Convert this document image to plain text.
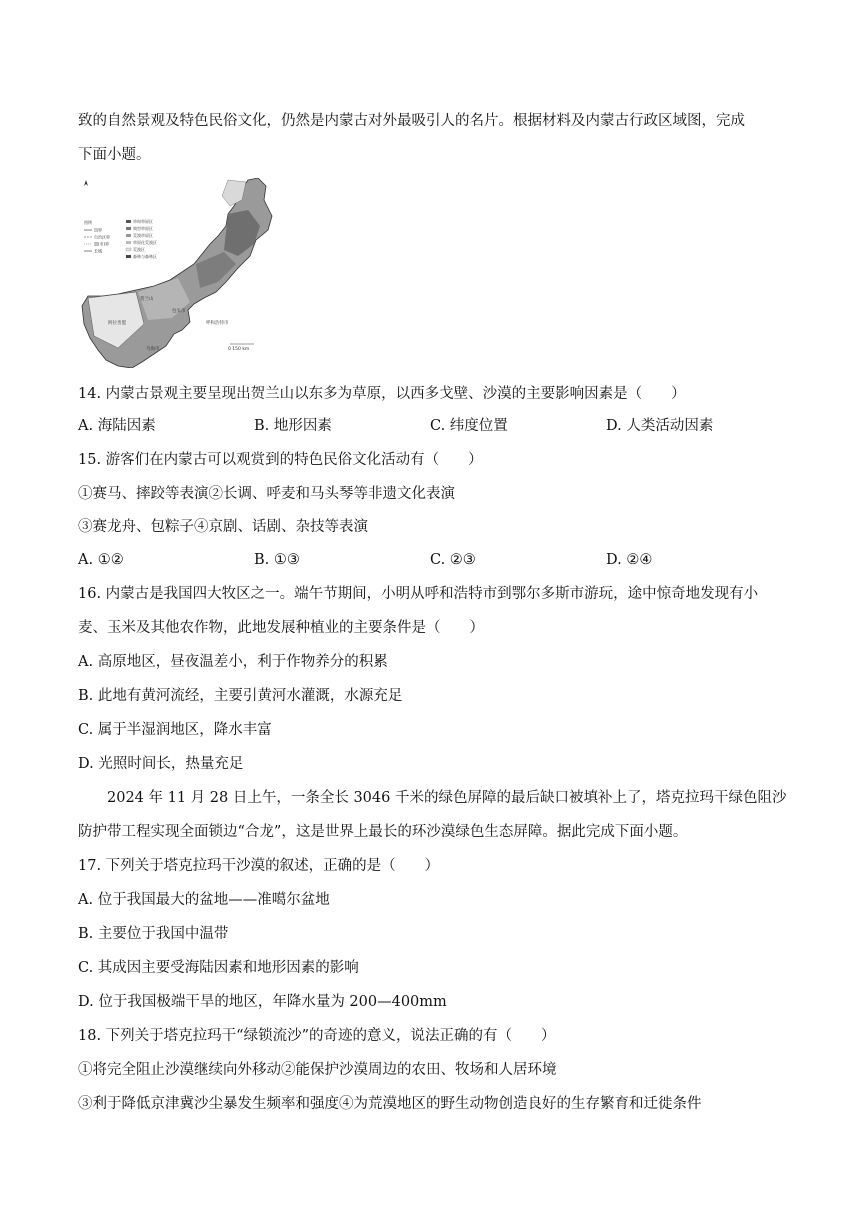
致的自然景观及特色民俗文化，仍然是内蒙古对外最吸引人的名片。根据材料及内蒙古行政区域图，完成
下面小题。
图例
国界
自治区界
盟(市)界
长城
草甸草原区
典型草原区
荒漠草原区
草原化荒漠区
荒漠区
森林与森林区
阿拉善盟
贺兰山
包头市
呼和浩特市
乌海市	0 150 km
14. 内蒙古景观主要呈现出贺兰山以东多为草原，以西多戈壁、沙漠的主要影响因素是（　　）
A. 海陆因素	B. 地形因素	C. 纬度位置	D. 人类活动因素
15. 游客们在内蒙古可以观赏到的特色民俗文化活动有（　　）
①赛马、摔跤等表演②长调、呼麦和马头琴等非遗文化表演
③赛龙舟、包粽子④京剧、话剧、杂技等表演
A. ①②	B. ①③	C. ②③	D. ②④
16. 内蒙古是我国四大牧区之一。端午节期间，小明从呼和浩特市到鄂尔多斯市游玩，途中惊奇地发现有小
麦、玉米及其他农作物，此地发展种植业的主要条件是（　　）
A. 高原地区，昼夜温差小，利于作物养分的积累
B. 此地有黄河流经，主要引黄河水灌溉，水源充足
C. 属于半湿润地区，降水丰富
D. 光照时间长，热量充足
2024 年 11 月 28 日上午，一条全长 3046 千米的绿色屏障的最后缺口被填补上了，塔克拉玛干绿色阻沙
防护带工程实现全面锁边“合龙”，这是世界上最长的环沙漠绿色生态屏障。据此完成下面小题。
17. 下列关于塔克拉玛干沙漠的叙述，正确的是（　　）
A. 位于我国最大的盆地——准噶尔盆地
B. 主要位于我国中温带
C. 其成因主要受海陆因素和地形因素的影响
D. 位于我国极端干旱的地区，年降水量为 200—400mm
18. 下列关于塔克拉玛干“绿锁流沙”的奇迹的意义，说法正确的有（　　）
①将完全阻止沙漠继续向外移动②能保护沙漠周边的农田、牧场和人居环境
③利于降低京津冀沙尘暴发生频率和强度④为荒漠地区的野生动物创造良好的生存繁育和迁徙条件
